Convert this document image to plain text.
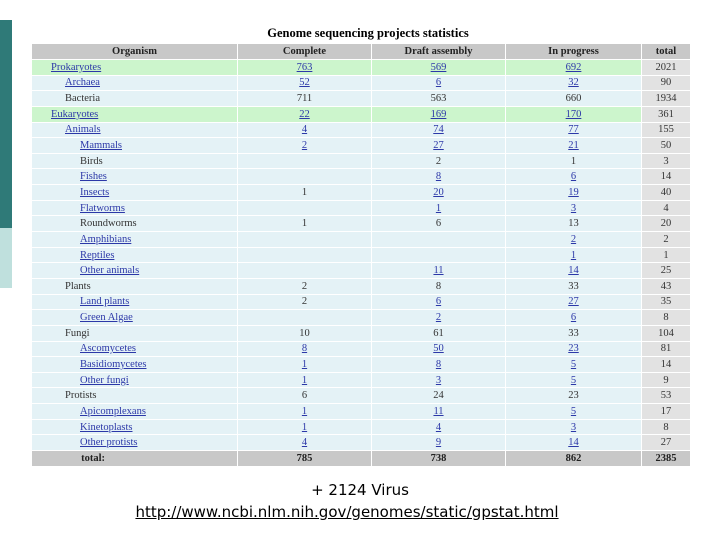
Genome sequencing projects statistics
Organism	Complete	Draft assembly	In progress	total
Prokaryotes	763	569	692	2021
Archaea	52	6	32	90
Bacteria	711	563	660	1934
Eukaryotes	22	169	170	361
Animals	4	74	77	155
Mammals	2	27	21	50
Birds		2	1	3
Fishes		8	6	14
Insects	1	20	19	40
Flatworms		1	3	4
Roundworms	1	6	13	20
Amphibians			2	2
Reptiles			1	1
Other animals		11	14	25
Plants	2	8	33	43
Land plants	2	6	27	35
Green Algae		2	6	8
Fungi	10	61	33	104
Ascomycetes	8	50	23	81
Basidiomycetes	1	8	5	14
Other fungi	1	3	5	9
Protists	6	24	23	53
Apicomplexans	1	11	5	17
Kinetoplasts	1	4	3	8
Other protists	4	9	14	27
total:	785	738	862	2385
+ 2124 Virus
http://www.ncbi.nlm.nih.gov/genomes/static/gpstat.html
